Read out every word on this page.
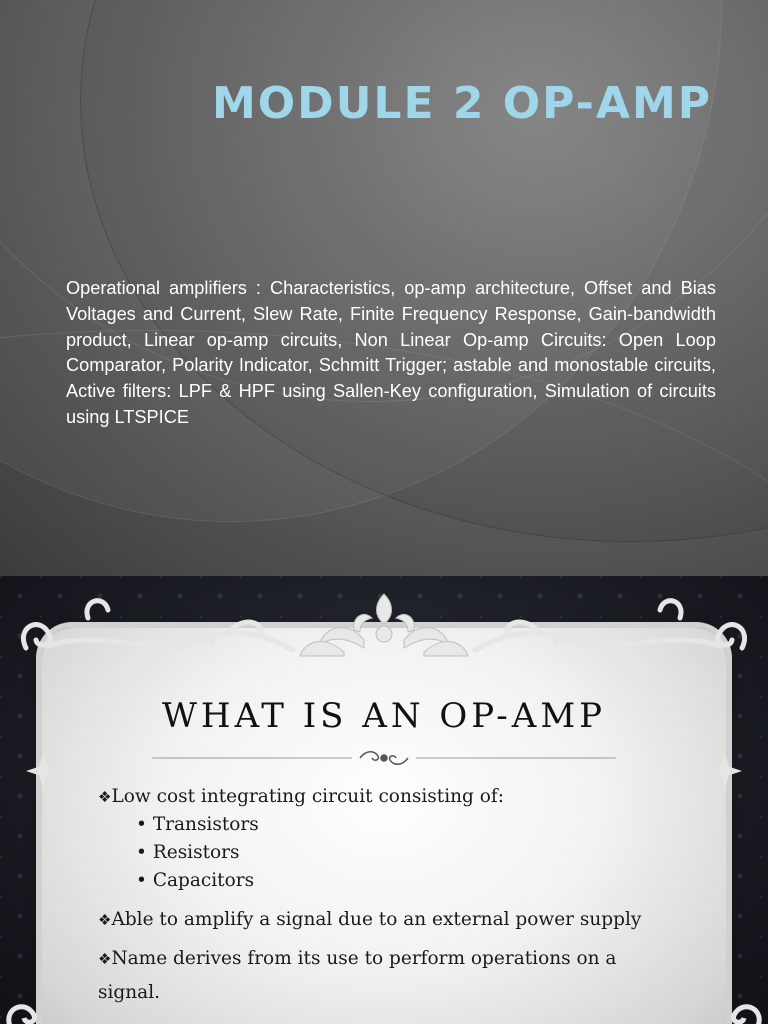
MODULE 2 OP-AMP

Operational amplifiers : Characteristics, op-amp architecture, Offset and Bias Voltages and Current, Slew Rate, Finite Frequency Response, Gain-bandwidth product, Linear op-amp circuits, Non Linear Op-amp Circuits: Open Loop Comparator, Polarity Indicator, Schmitt Trigger; astable and monostable circuits, Active filters: LPF & HPF using Sallen-Key configuration, Simulation of circuits using LTSPICE

WHAT IS AN OP-AMP
❖Low cost integrating circuit consisting of:
• Transistors
• Resistors
• Capacitors
❖Able to amplify a signal due to an external power supply
❖Name derives from its use to perform operations on a
signal.
